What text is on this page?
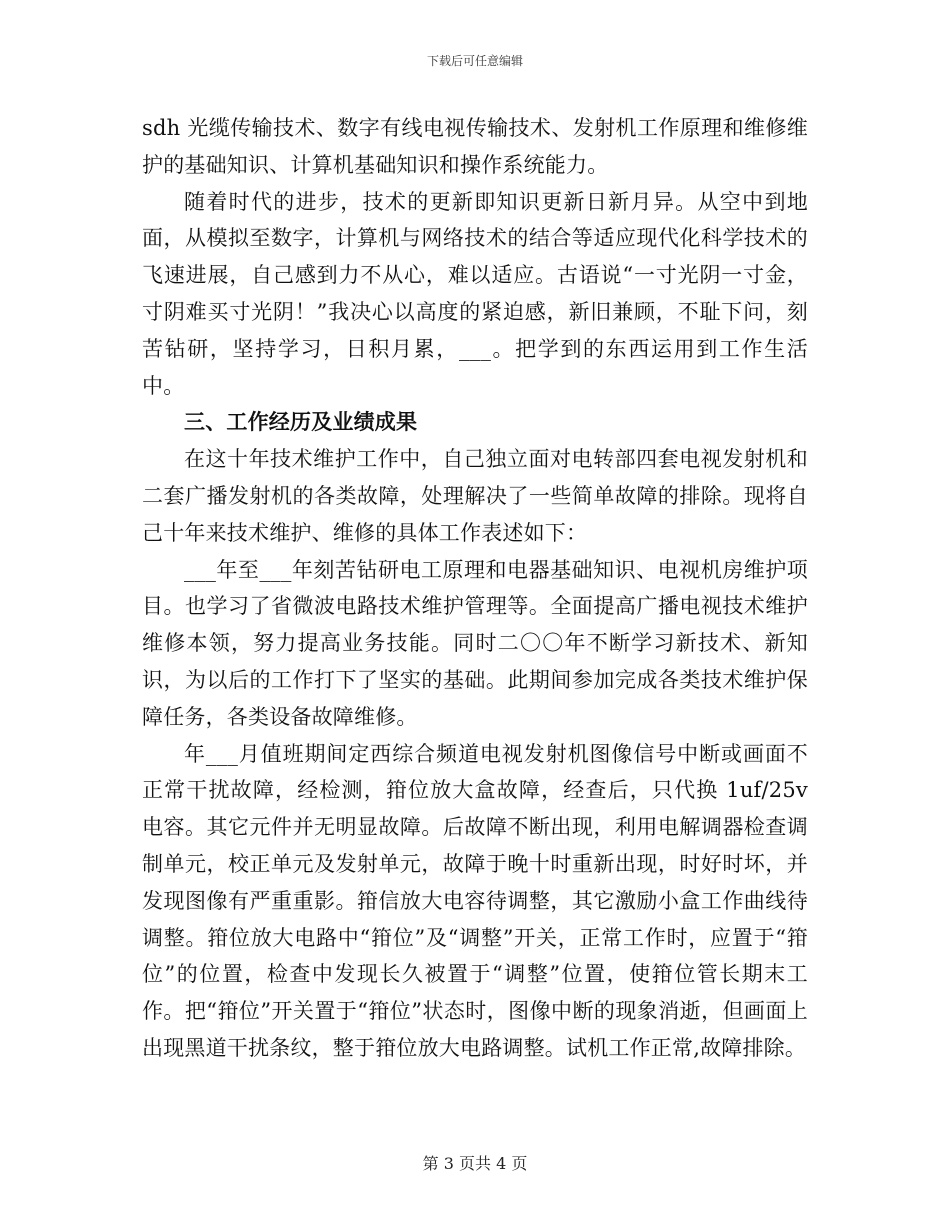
下载后可任意编辑

sdh 光缆传输技术、数字有线电视传输技术、发射机工作原理和维修维护的基础知识、计算机基础知识和操作系统能力。

随着时代的进步，技术的更新即知识更新日新月异。从空中到地面，从模拟至数字，计算机与网络技术的结合等适应现代化科学技术的飞速进展，自己感到力不从心，难以适应。古语说“一寸光阴一寸金，寸阴难买寸光阴！”我决心以高度的紧迫感，新旧兼顾，不耻下问，刻苦钻研，坚持学习，日积月累，___。把学到的东西运用到工作生活中。

三、工作经历及业绩成果

在这十年技术维护工作中，自己独立面对电转部四套电视发射机和二套广播发射机的各类故障，处理解决了一些简单故障的排除。现将自己十年来技术维护、维修的具体工作表述如下：

___年至___年刻苦钻研电工原理和电器基础知识、电视机房维护项目。也学习了省微波电路技术维护管理等。全面提高广播电视技术维护维修本领，努力提高业务技能。同时二〇〇年不断学习新技术、新知识，为以后的工作打下了坚实的基础。此期间参加完成各类技术维护保障任务，各类设备故障维修。

年___月值班期间定西综合频道电视发射机图像信号中断或画面不正常干扰故障，经检测，箝位放大盒故障，经查后，只代换 1uf/25v 电容。其它元件并无明显故障。后故障不断出现，利用电解调器检查调制单元，校正单元及发射单元，故障于晚十时重新出现，时好时坏，并发现图像有严重重影。箝信放大电容待调整，其它激励小盒工作曲线待调整。箝位放大电路中“箝位”及“调整”开关，正常工作时，应置于“箝位”的位置，检查中发现长久被置于“调整”位置，使箝位管长期末工作。把“箝位”开关置于“箝位”状态时，图像中断的现象消逝，但画面上出现黑道干扰条纹，整于箝位放大电路调整。试机工作正常,故障排除。

第 3 页共 4 页
